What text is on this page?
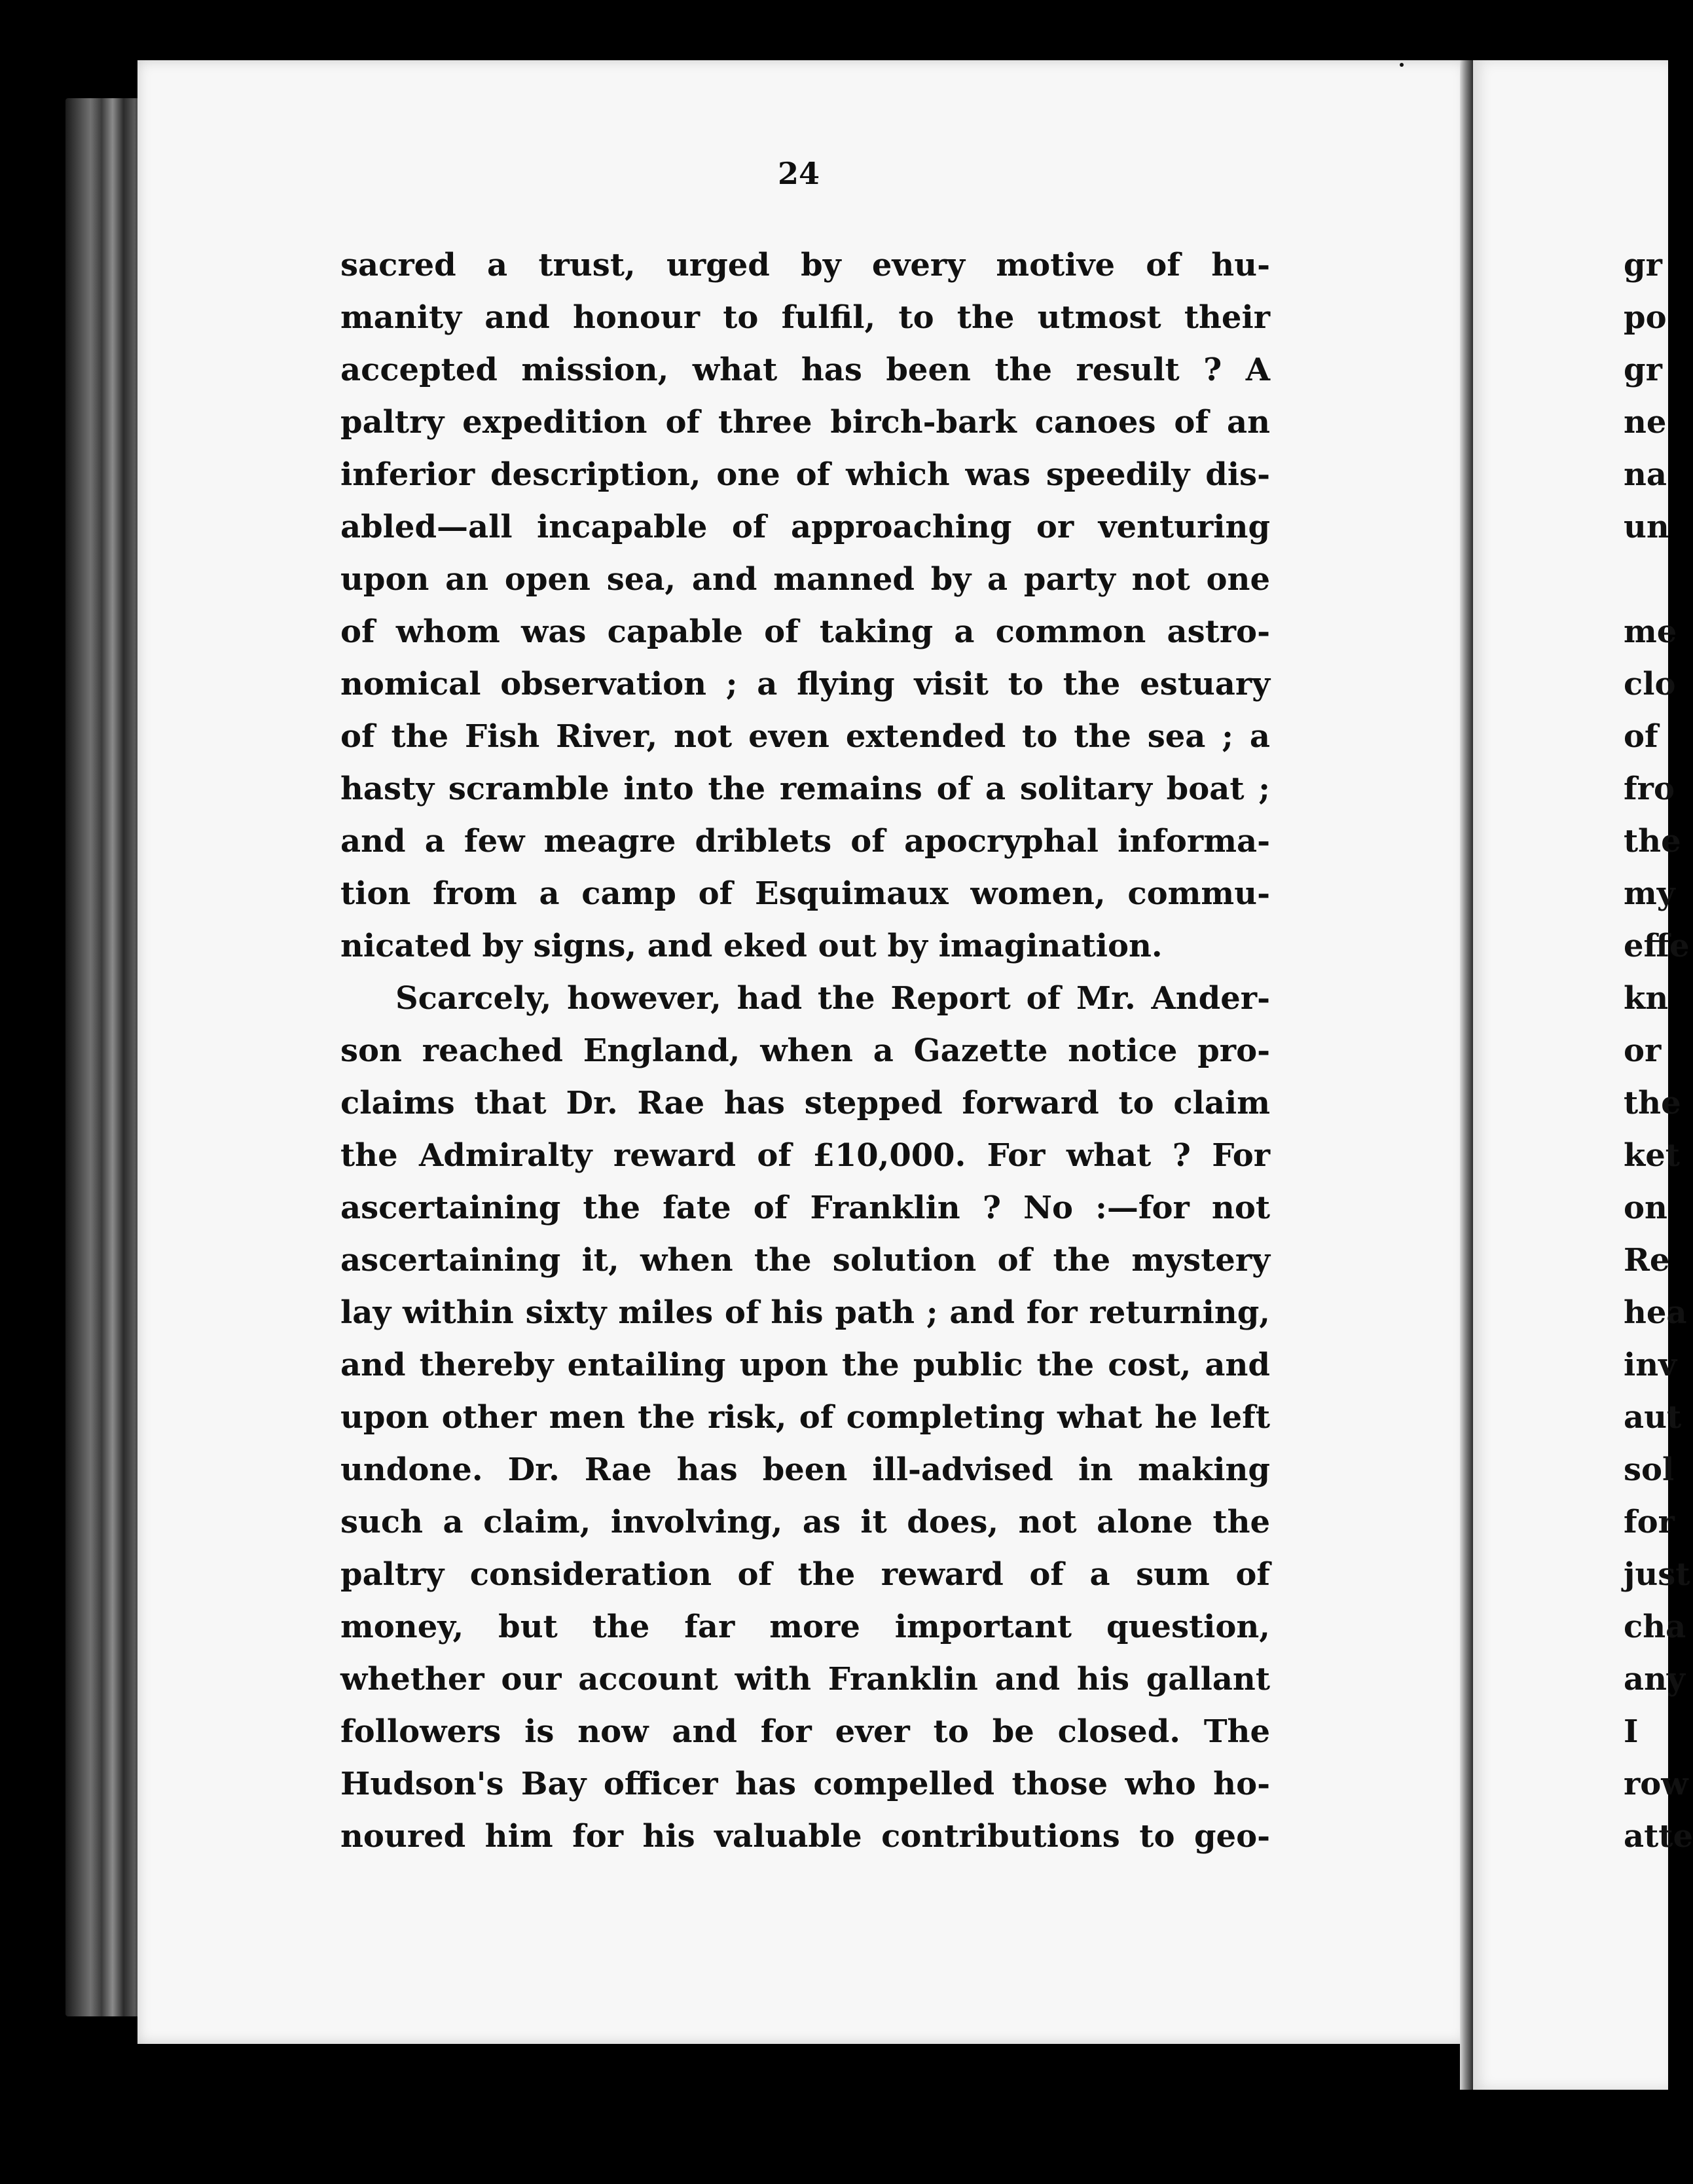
24
sacred a trust, urged by every motive of hu-
manity and honour to fulfil, to the utmost their
accepted mission, what has been the result ? A
paltry expedition of three birch-bark canoes of an
inferior description, one of which was speedily dis-
abled—all incapable of approaching or venturing
upon an open sea, and manned by a party not one
of whom was capable of taking a common astro-
nomical observation ; a flying visit to the estuary
of the Fish River, not even extended to the sea ; a
hasty scramble into the remains of a solitary boat ;
and a few meagre driblets of apocryphal informa-
tion from a camp of Esquimaux women, commu-
nicated by signs, and eked out by imagination.
Scarcely, however, had the Report of Mr. Ander-
son reached England, when a Gazette notice pro-
claims that Dr. Rae has stepped forward to claim
the Admiralty reward of £10,000. For what ? For
ascertaining the fate of Franklin ? No :—for not
ascertaining it, when the solution of the mystery
lay within sixty miles of his path ; and for returning,
and thereby entailing upon the public the cost, and
upon other men the risk, of completing what he left
undone. Dr. Rae has been ill-advised in making
such a claim, involving, as it does, not alone the
paltry consideration of the reward of a sum of
money, but the far more important question,
whether our account with Franklin and his gallant
followers is now and for ever to be closed. The
Hudson's Bay officer has compelled those who ho-
noured him for his valuable contributions to geo-
gr
po
gr
ne
na
un
me
clo
of
fro
the
my
effe
kn
or
the
ket
on
Re
hea
inv
aut
sol
for
just
cha
any
I
row
atte
